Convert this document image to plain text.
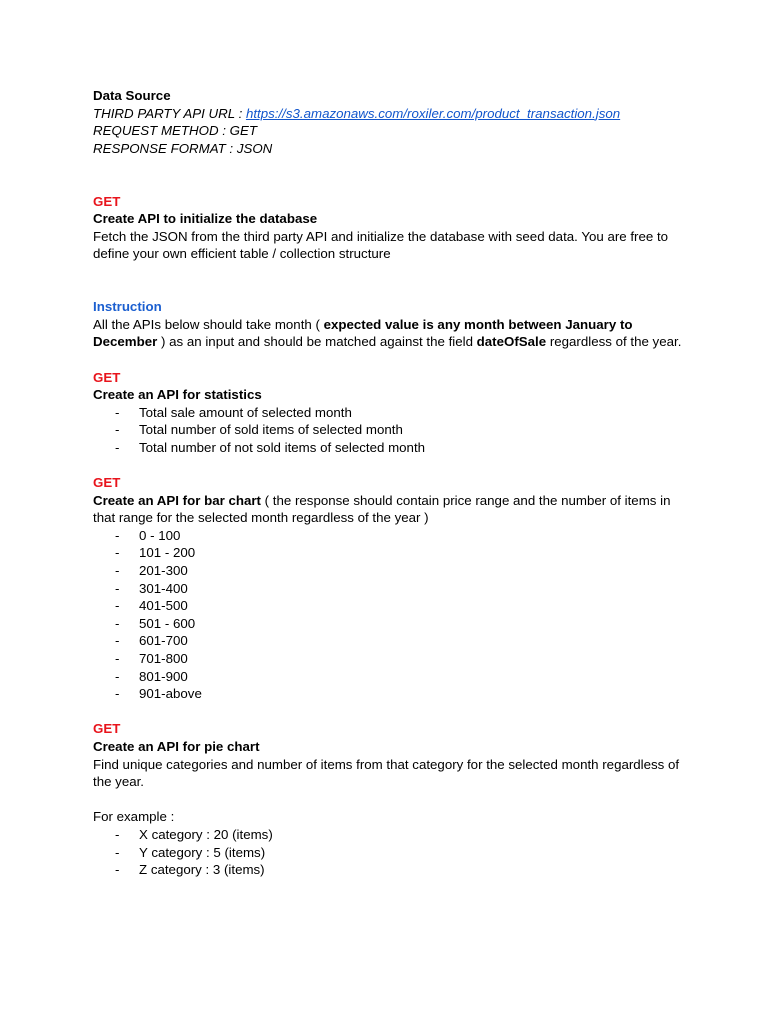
Data Source

THIRD PARTY API URL : https://s3.amazonaws.com/roxiler.com/product_transaction.json

REQUEST METHOD : GET

RESPONSE FORMAT : JSON

GET

Create API to initialize the database

Fetch the JSON from the third party API and initialize the database with seed data. You are free to define your own efficient table / collection structure

Instruction

All the APIs below should take month ( expected value is any month between January to December ) as an input and should be matched against the field dateOfSale regardless of the year.

GET

Create an API for statistics

- Total sale amount of selected month
- Total number of sold items of selected month
- Total number of not sold items of selected month

GET

Create an API for bar chart ( the response should contain price range and the number of items in that range for the selected month regardless of the year )

- 0 - 100
- 101 - 200
- 201-300
- 301-400
- 401-500
- 501 - 600
- 601-700
- 701-800
- 801-900
- 901-above

GET

Create an API for pie chart

Find unique categories and number of items from that category for the selected month regardless of the year.

For example :

- X category : 20 (items)
- Y category : 5 (items)
- Z category : 3 (items)
